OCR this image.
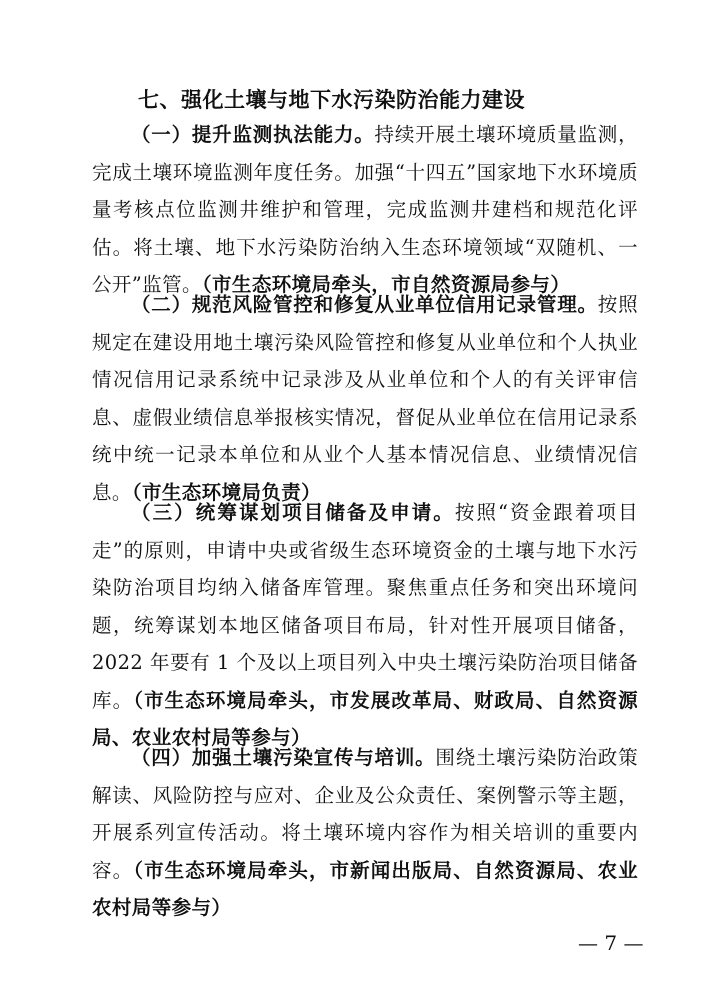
七、强化土壤与地下水污染防治能力建设

（一）提升监测执法能力。持续开展土壤环境质量监测，完成土壤环境监测年度任务。加强“十四五”国家地下水环境质量考核点位监测井维护和管理，完成监测井建档和规范化评估。将土壤、地下水污染防治纳入生态环境领域“双随机、一公开”监管。（市生态环境局牵头，市自然资源局参与）

（二）规范风险管控和修复从业单位信用记录管理。按照规定在建设用地土壤污染风险管控和修复从业单位和个人执业情况信用记录系统中记录涉及从业单位和个人的有关评审信息、虚假业绩信息举报核实情况，督促从业单位在信用记录系统中统一记录本单位和从业个人基本情况信息、业绩情况信息。（市生态环境局负责）

（三）统筹谋划项目储备及申请。按照“资金跟着项目走”的原则，申请中央或省级生态环境资金的土壤与地下水污染防治项目均纳入储备库管理。聚焦重点任务和突出环境问题，统筹谋划本地区储备项目布局，针对性开展项目储备，2022 年要有 1 个及以上项目列入中央土壤污染防治项目储备库。（市生态环境局牵头，市发展改革局、财政局、自然资源局、农业农村局等参与）

（四）加强土壤污染宣传与培训。围绕土壤污染防治政策解读、风险防控与应对、企业及公众责任、案例警示等主题，开展系列宣传活动。将土壤环境内容作为相关培训的重要内容。（市生态环境局牵头，市新闻出版局、自然资源局、农业农村局等参与）

— 7 —
